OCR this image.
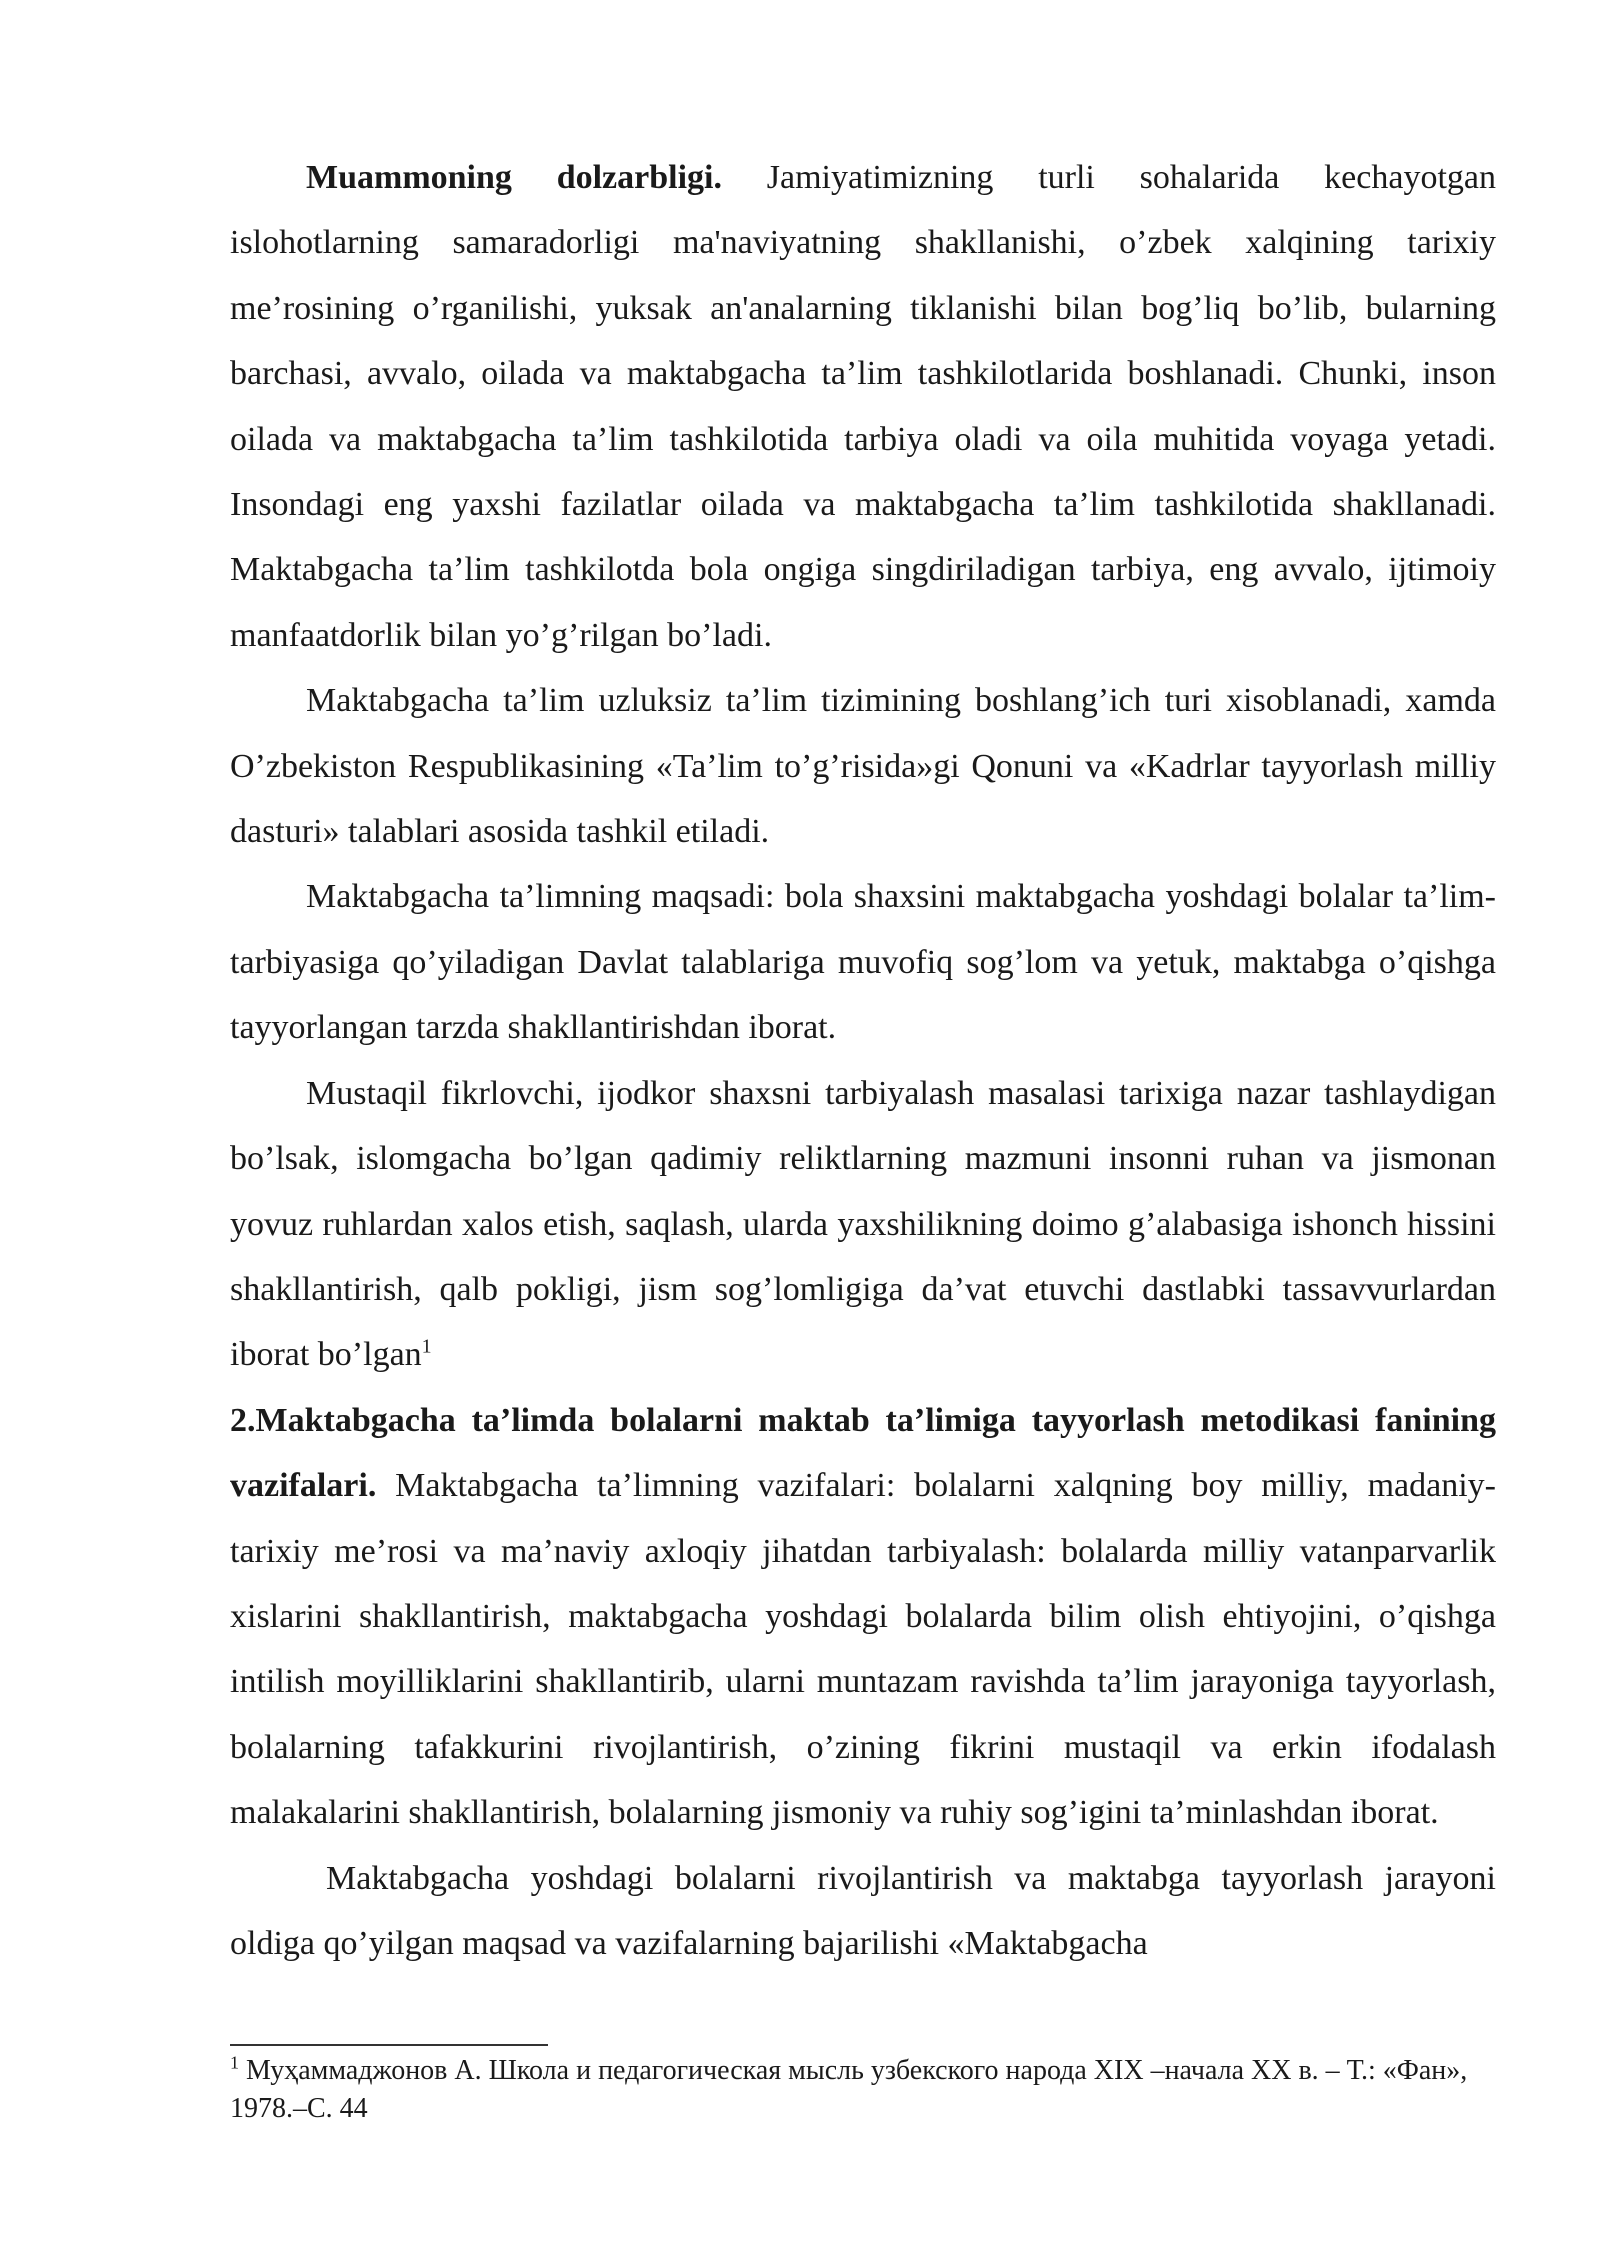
Muammoning dolzarbligi. Jamiyatimizning turli sohalarida kechayotgan islohotlarning samaradorligi ma'naviyatning shakllanishi, o’zbek xalqining tarixiy me’rosining o’rganilishi, yuksak an'analarning tiklanishi bilan bog’liq bo’lib, bularning barchasi, avvalo, oilada va maktabgacha ta’lim tashkilotlarida boshlanadi. Chunki, inson oilada va maktabgacha ta’lim tashkilotida tarbiya oladi va oila muhitida voyaga yetadi. Insondagi eng yaxshi fazilatlar oilada va maktabgacha ta’lim tashkilotida shakllanadi. Maktabgacha ta’lim tashkilotda bola ongiga singdiriladigan tarbiya, eng avvalo, ijtimoiy manfaatdorlik bilan yo’g’rilgan bo’ladi.

Maktabgacha ta’lim uzluksiz ta’lim tizimining boshlang’ich turi xisoblanadi, xamda O’zbekiston Respublikasining «Ta’lim to’g’risida»gi Qonuni va «Kadrlar tayyorlash milliy dasturi» talablari asosida tashkil etiladi.

Maktabgacha ta’limning maqsadi: bola shaxsini maktabgacha yoshdagi bolalar ta’lim-tarbiyasiga qo’yiladigan Davlat talablariga muvofiq sog’lom va yetuk, maktabga o’qishga tayyorlangan tarzda shakllantirishdan iborat.

Mustaqil fikrlovchi, ijodkor shaxsni tarbiyalash masalasi tarixiga nazar tashlaydigan bo’lsak, islomgacha bo’lgan qadimiy reliktlarning mazmuni insonni ruhan va jismonan yovuz ruhlardan xalos etish, saqlash, ularda yaxshilikning doimo g’alabasiga ishonch hissini shakllantirish, qalb pokligi, jism sog’lomligiga da’vat etuvchi dastlabki tassavvurlardan iborat bo’lgan$^1$

2.Maktabgacha ta’limda bolalarni maktab ta’limiga tayyorlash metodikasi fanining vazifalari. Maktabgacha ta’limning vazifalari: bolalarni xalqning boy milliy, madaniy-tarixiy me’rosi va ma’naviy axloqiy jihatdan tarbiyalash: bolalarda milliy vatanparvarlik xislarini shakllantirish, maktabgacha yoshdagi bolalarda bilim olish ehtiyojini, o’qishga intilish moyilliklarini shakllantirib, ularni muntazam ravishda ta’lim jarayoniga tayyorlash, bolalarning tafakkurini rivojlantirish, o’zining fikrini mustaqil va erkin ifodalash malakalarini shakllantirish, bolalarning jismoniy va ruhiy sog’igini ta’minlashdan iborat.

Maktabgacha yoshdagi bolalarni rivojlantirish va maktabga tayyorlash jarayoni oldiga qo’yilgan maqsad va vazifalarning bajarilishi «Maktabgacha

$^1$ Муҳаммаджонов А. Школа и педагогическая мысль узбекского народа XIX –начала XX в. – Т.: «Фан», 1978.–С. 44
